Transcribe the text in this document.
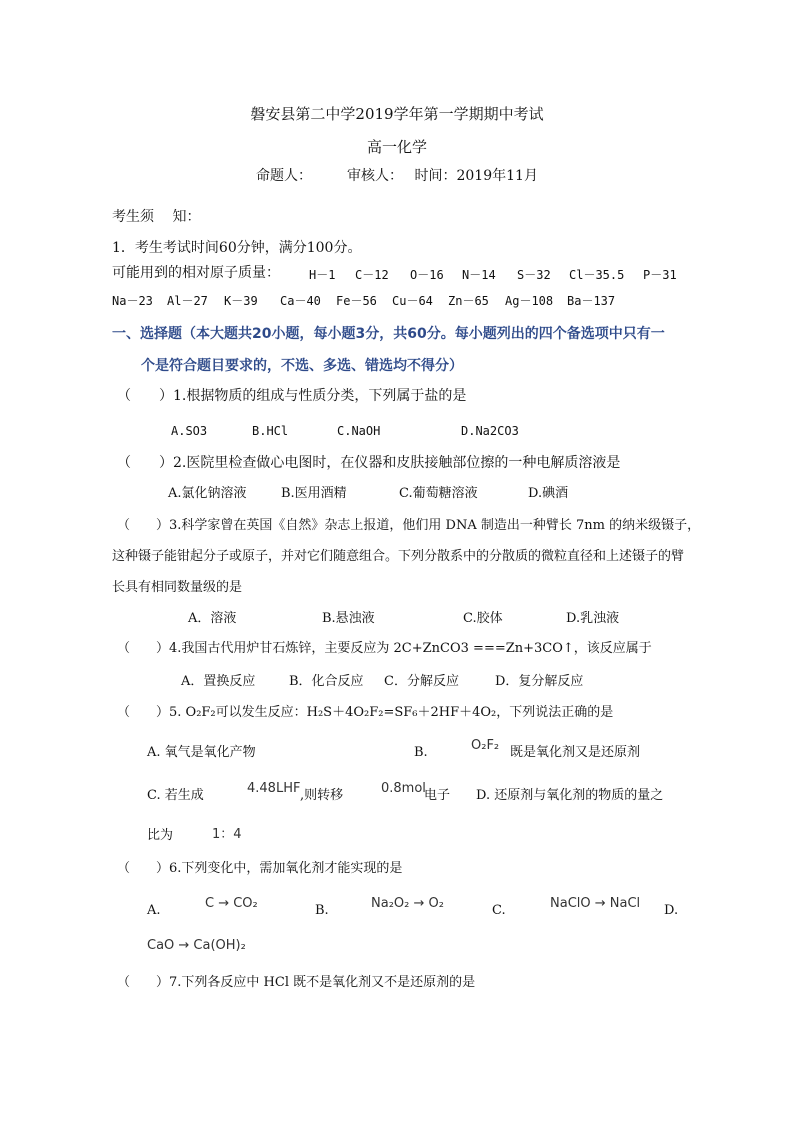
磐安县第二中学2019学年第一学期期中考试
高一化学
命题人：　　　审核人：　 时间：2019年11月
考生须　 知：
1．考生考试时间60分钟，满分100分。
可能用到的相对原子质量： H－1 C－12 O－16 N－14 S－32 Cl－35.5 P－31
Na－23 Al－27 K－39 Ca－40 Fe－56 Cu－64 Zn－65 Ag－108 Ba－137
一、选择题（本大题共20小题，每小题3分，共60分。每小题列出的四个备选项中只有一
个是符合题目要求的，不选、多选、错选均不得分）
（　　）1.根据物质的组成与性质分类，下列属于盐的是
A.SO3	B.HCl	C.NaOH	D.Na2CO3
（　　）2.医院里检查做心电图时，在仪器和皮肤接触部位擦的一种电解质溶液是
A.氯化钠溶液	B.医用酒精	C.葡萄糖溶液	D.碘酒
（　　）3.科学家曾在英国《自然》杂志上报道，他们用 DNA 制造出一种臂长 7nm 的纳米级镊子，
这种镊子能钳起分子或原子，并对它们随意组合。下列分散系中的分散质的微粒直径和上述镊子的臂
长具有相同数量级的是
A．溶液	B.悬浊液	C.胶体	D.乳浊液
（　　）4.我国古代用炉甘石炼锌，主要反应为 2C+ZnCO3 ===Zn+3CO↑，该反应属于
A．置换反应	B．化合反应 C．分解反应	D．复分解反应
（　　）5. O₂F₂可以发生反应：H₂S＋4O₂F₂=SF₆＋2HF＋4O₂，下列说法正确的是
A. 氧气是氧化产物	B.	O₂F₂ 既是氧化剂又是还原剂
C. 若生成	4.48LHF ,则转移	0.8mol
电子 D. 还原剂与氧化剂的物质的量之
比为	1：4
（　　）6.下列变化中，需加氧化剂才能实现的是
A.	C → CO₂	B.	Na₂O₂ → O₂	C.	NaClO → NaCl D.
CaO → Ca(OH)₂
（　　）7.下列各反应中 HCl 既不是氧化剂又不是还原剂的是
